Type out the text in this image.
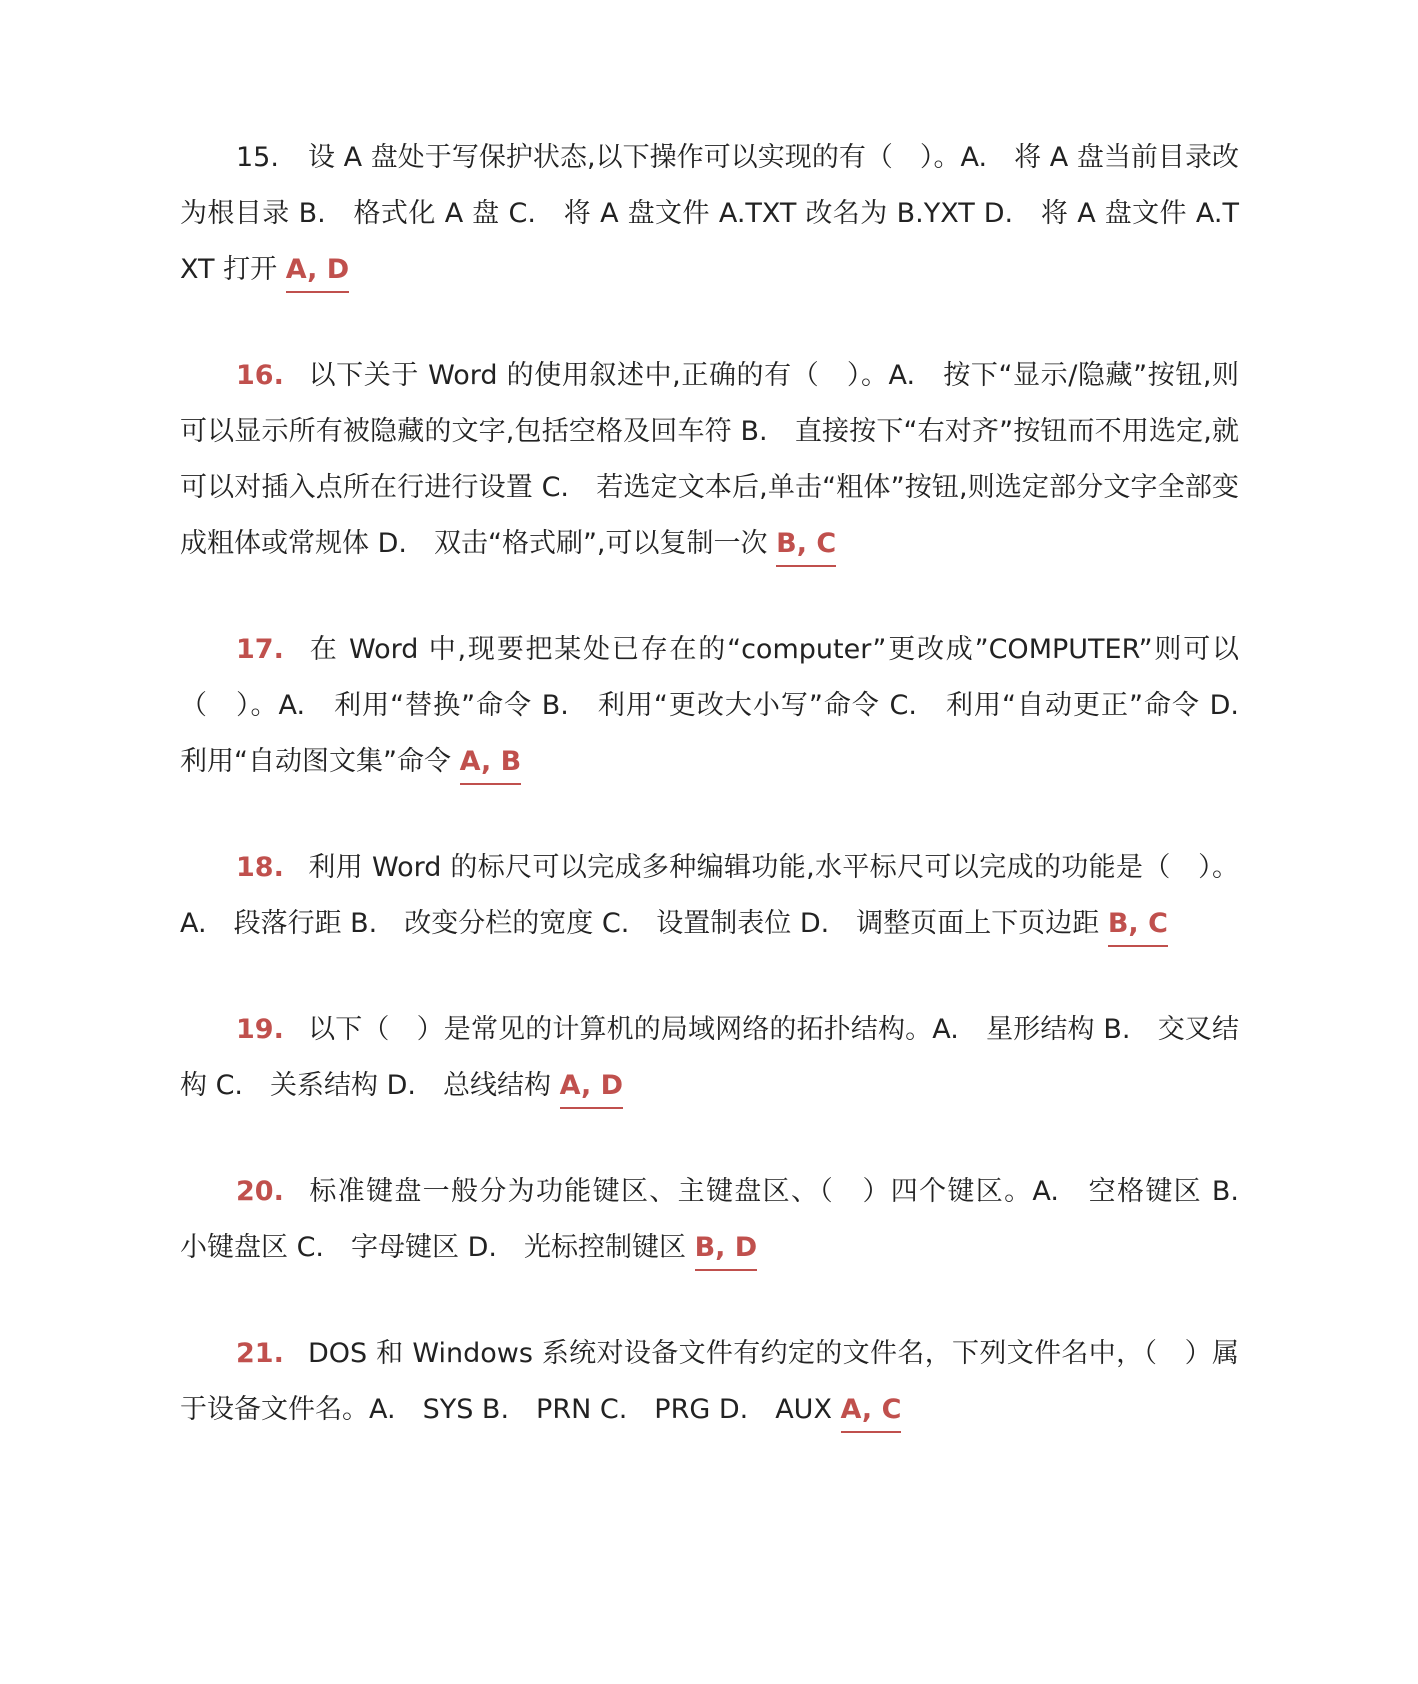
15. 设 A 盘处于写保护状态,以下操作可以实现的有（　）。A.　将 A 盘当前目录改为根目录 B.　格式化 A 盘 C.　将 A 盘文件 A.TXT 改名为 B.YXT D.　将 A 盘文件 A.TXT 打开 A, D

16. 以下关于 Word 的使用叙述中,正确的有（　）。A.　按下“显示/隐藏”按钮,则可以显示所有被隐藏的文字,包括空格及回车符 B.　直接按下“右对齐”按钮而不用选定,就可以对插入点所在行进行设置 C.　若选定文本后,单击“粗体”按钮,则选定部分文字全部变成粗体或常规体 D.　双击“格式刷”,可以复制一次 B, C

17. 在 Word 中,现要把某处已存在的“computer”更改成”COMPUTER”则可以（　）。A.　利用“替换”命令 B.　利用“更改大小写”命令 C.　利用“自动更正”命令 D.　利用“自动图文集”命令 A, B

18. 利用 Word 的标尺可以完成多种编辑功能,水平标尺可以完成的功能是（　）。A.　段落行距 B.　改变分栏的宽度 C.　设置制表位 D.　调整页面上下页边距 B, C

19. 以下（　）是常见的计算机的局域网络的拓扑结构。A.　星形结构 B.　交叉结构 C.　关系结构 D.　总线结构 A, D

20. 标准键盘一般分为功能键区、主键盘区、（　）四个键区。A.　空格键区 B.　小键盘区 C.　字母键区 D.　光标控制键区 B, D

21. DOS 和 Windows 系统对设备文件有约定的文件名，下列文件名中，（　）属于设备文件名。A.　SYS B.　PRN C.　PRG D.　AUX A, C
